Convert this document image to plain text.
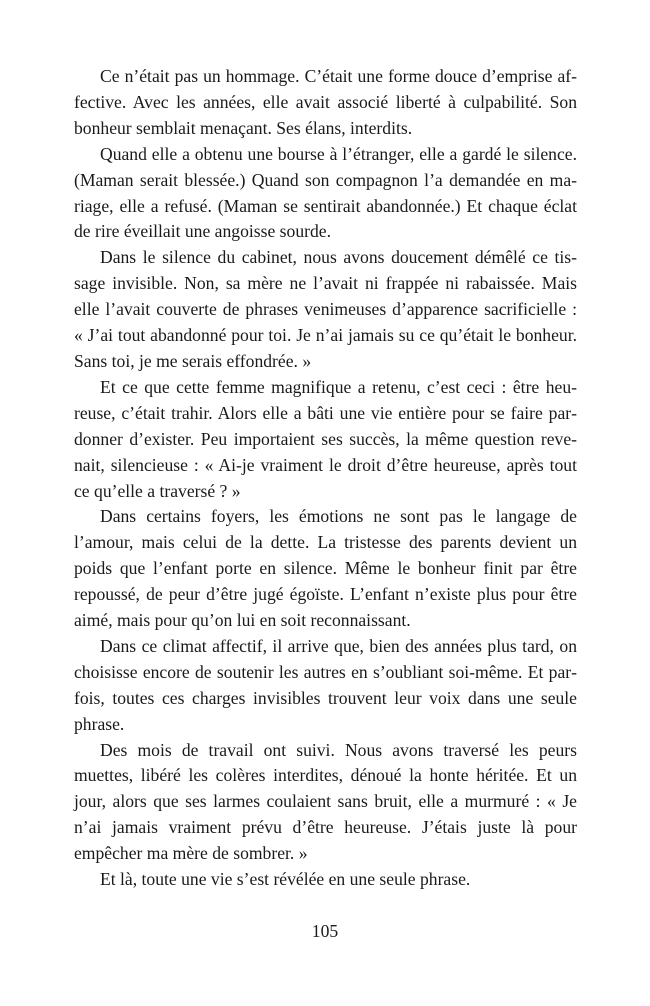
Ce n’était pas un hommage. C’était une forme douce d’emprise affective. Avec les années, elle avait associé liberté à culpabilité. Son bonheur semblait menaçant. Ses élans, interdits.

Quand elle a obtenu une bourse à l’étranger, elle a gardé le silence. (Maman serait blessée.) Quand son compagnon l’a demandée en mariage, elle a refusé. (Maman se sentirait abandonnée.) Et chaque éclat de rire éveillait une angoisse sourde.

Dans le silence du cabinet, nous avons doucement démêlé ce tissage invisible. Non, sa mère ne l’avait ni frappée ni rabaissée. Mais elle l’avait couverte de phrases venimeuses d’apparence sacrificielle : « J’ai tout abandonné pour toi. Je n’ai jamais su ce qu’était le bonheur. Sans toi, je me serais effondrée. »

Et ce que cette femme magnifique a retenu, c’est ceci : être heureuse, c’était trahir. Alors elle a bâti une vie entière pour se faire pardonner d’exister. Peu importaient ses succès, la même question revenait, silencieuse : « Ai-je vraiment le droit d’être heureuse, après tout ce qu’elle a traversé ? »

Dans certains foyers, les émotions ne sont pas le langage de l’amour, mais celui de la dette. La tristesse des parents devient un poids que l’enfant porte en silence. Même le bonheur finit par être repoussé, de peur d’être jugé égoïste. L’enfant n’existe plus pour être aimé, mais pour qu’on lui en soit reconnaissant.

Dans ce climat affectif, il arrive que, bien des années plus tard, on choisisse encore de soutenir les autres en s’oubliant soi-même. Et parfois, toutes ces charges invisibles trouvent leur voix dans une seule phrase.

Des mois de travail ont suivi. Nous avons traversé les peurs muettes, libéré les colères interdites, dénoué la honte héritée. Et un jour, alors que ses larmes coulaient sans bruit, elle a murmuré : « Je n’ai jamais vraiment prévu d’être heureuse. J’étais juste là pour empêcher ma mère de sombrer. »

Et là, toute une vie s’est révélée en une seule phrase.

105
